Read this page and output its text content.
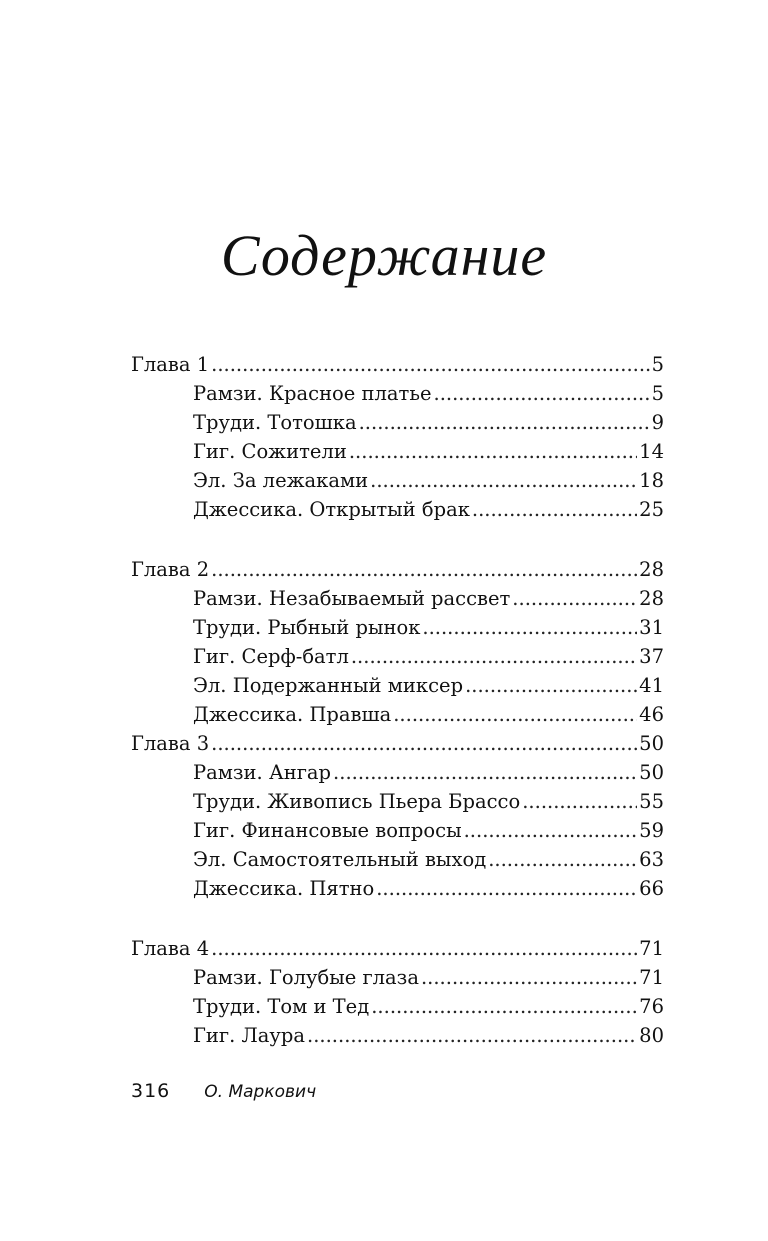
Содержание
Глава 1 .....	5
Рамзи. Красное платье .....	5
Труди. Тотошка .....	9
Гиг. Сожители .....	14
Эл. За лежаками .....	18
Джессика. Открытый брак .....	25
Глава 2 .....	28
Рамзи. Незабываемый рассвет .....	28
Труди. Рыбный рынок .....	31
Гиг. Серф-батл .....	37
Эл. Подержанный миксер .....	41
Джессика. Правша .....	46
Глава 3 .....	50
Рамзи. Ангар .....	50
Труди. Живопись Пьера Брассо .....	55
Гиг. Финансовые вопросы .....	59
Эл. Самостоятельный выход .....	63
Джессика. Пятно .....	66
Глава 4 .....	71
Рамзи. Голубые глаза .....	71
Труди. Том и Тед .....	76
Гиг. Лаура .....	80
316 О. Маркович
